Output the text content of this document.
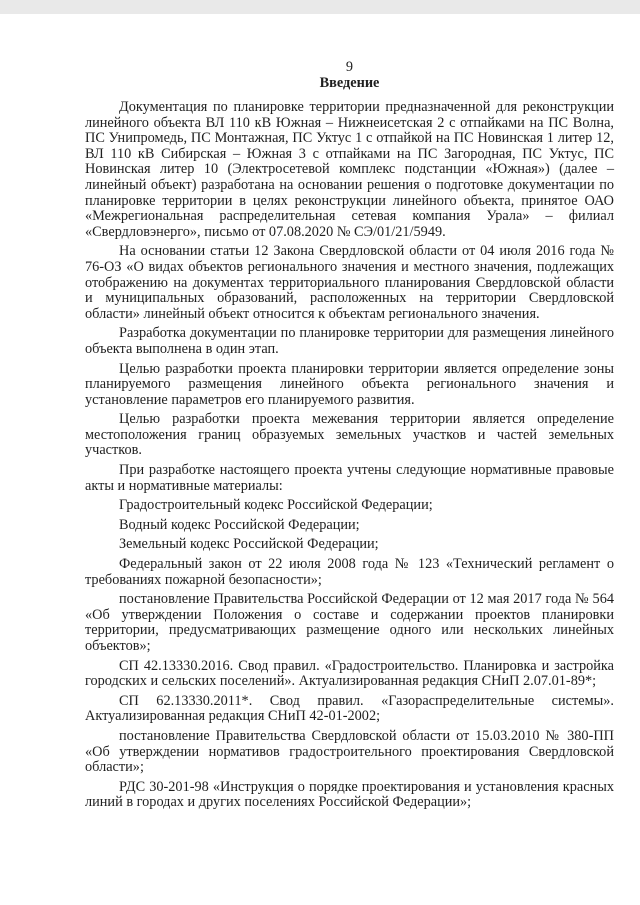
9

Введение

Документация по планировке территории предназначенной для реконструкции линейного объекта ВЛ 110 кВ Южная – Нижнеисетская 2 с отпайками на ПС Волна, ПС Унипромедь, ПС Монтажная, ПС Уктус 1 с отпайкой на ПС Новинская 1 литер 12, ВЛ 110 кВ Сибирская – Южная 3 с отпайками на ПС Загородная, ПС Уктус, ПС Новинская литер 10 (Электросетевой комплекс подстанции «Южная») (далее – линейный объект) разработана на основании решения о подготовке документации по планировке территории в целях реконструкции линейного объекта, принятое ОАО «Межрегиональная распределительная сетевая компания Урала» – филиал «Свердловэнерго», письмо от 07.08.2020 № СЭ/01/21/5949.

На основании статьи 12 Закона Свердловской области от 04 июля 2016 года № 76-ОЗ «О видах объектов регионального значения и местного значения, подлежащих отображению на документах территориального планирования Свердловской области и муниципальных образований, расположенных на территории Свердловской области» линейный объект относится к объектам регионального значения.

Разработка документации по планировке территории для размещения линейного объекта выполнена в один этап.

Целью разработки проекта планировки территории является определение зоны планируемого размещения линейного объекта регионального значения и установление параметров его планируемого развития.

Целью разработки проекта межевания территории является определение местоположения границ образуемых земельных участков и частей земельных участков.

При разработке настоящего проекта учтены следующие нормативные правовые акты и нормативные материалы:

Градостроительный кодекс Российской Федерации;

Водный кодекс Российской Федерации;

Земельный кодекс Российской Федерации;

Федеральный закон от 22 июля 2008 года № 123 «Технический регламент о требованиях пожарной безопасности»;

постановление Правительства Российской Федерации от 12 мая 2017 года № 564 «Об утверждении Положения о составе и содержании проектов планировки территории, предусматривающих размещение одного или нескольких линейных объектов»;

СП 42.13330.2016. Свод правил. «Градостроительство. Планировка и застройка городских и сельских поселений». Актуализированная редакция СНиП 2.07.01-89*;

СП 62.13330.2011*. Свод правил. «Газораспределительные системы». Актуализированная редакция СНиП 42-01-2002;

постановление Правительства Свердловской области от 15.03.2010 № 380-ПП «Об утверждении нормативов градостроительного проектирования Свердловской области»;

РДС 30-201-98 «Инструкция о порядке проектирования и установления красных линий в городах и других поселениях Российской Федерации»;
